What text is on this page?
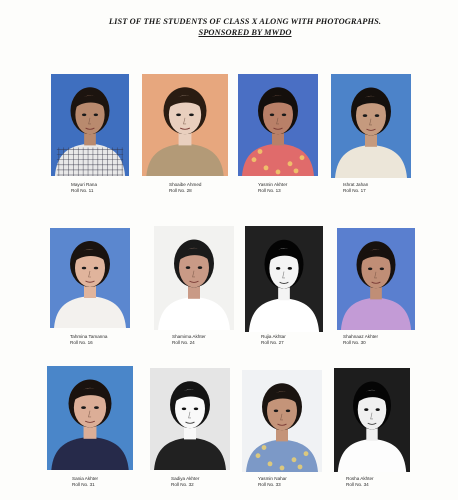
LIST OF THE STUDENTS OF CLASS X ALONG WITH PHOTOGRAPHS.
SPONSORED BY MWDO
Mayuri Rana
Roll No. 11
Shoaibe Ahmed
Roll No. 28
Yasmin Akhter
Roll No. 13
Ishrat Jahan
Roll No. 17
Tahmina Tamanna
Roll No. 16
Shamima Akhter
Roll No. 24
Rujia Akhtar
Roll No. 27
Shahnaaz Akhter
Roll No. 30
Sania Akhter
Roll No. 31
Sadiya Akhter
Roll No. 32
Yasmin Nahar
Roll No. 33
Rosha Akhter
Roll No. 34
